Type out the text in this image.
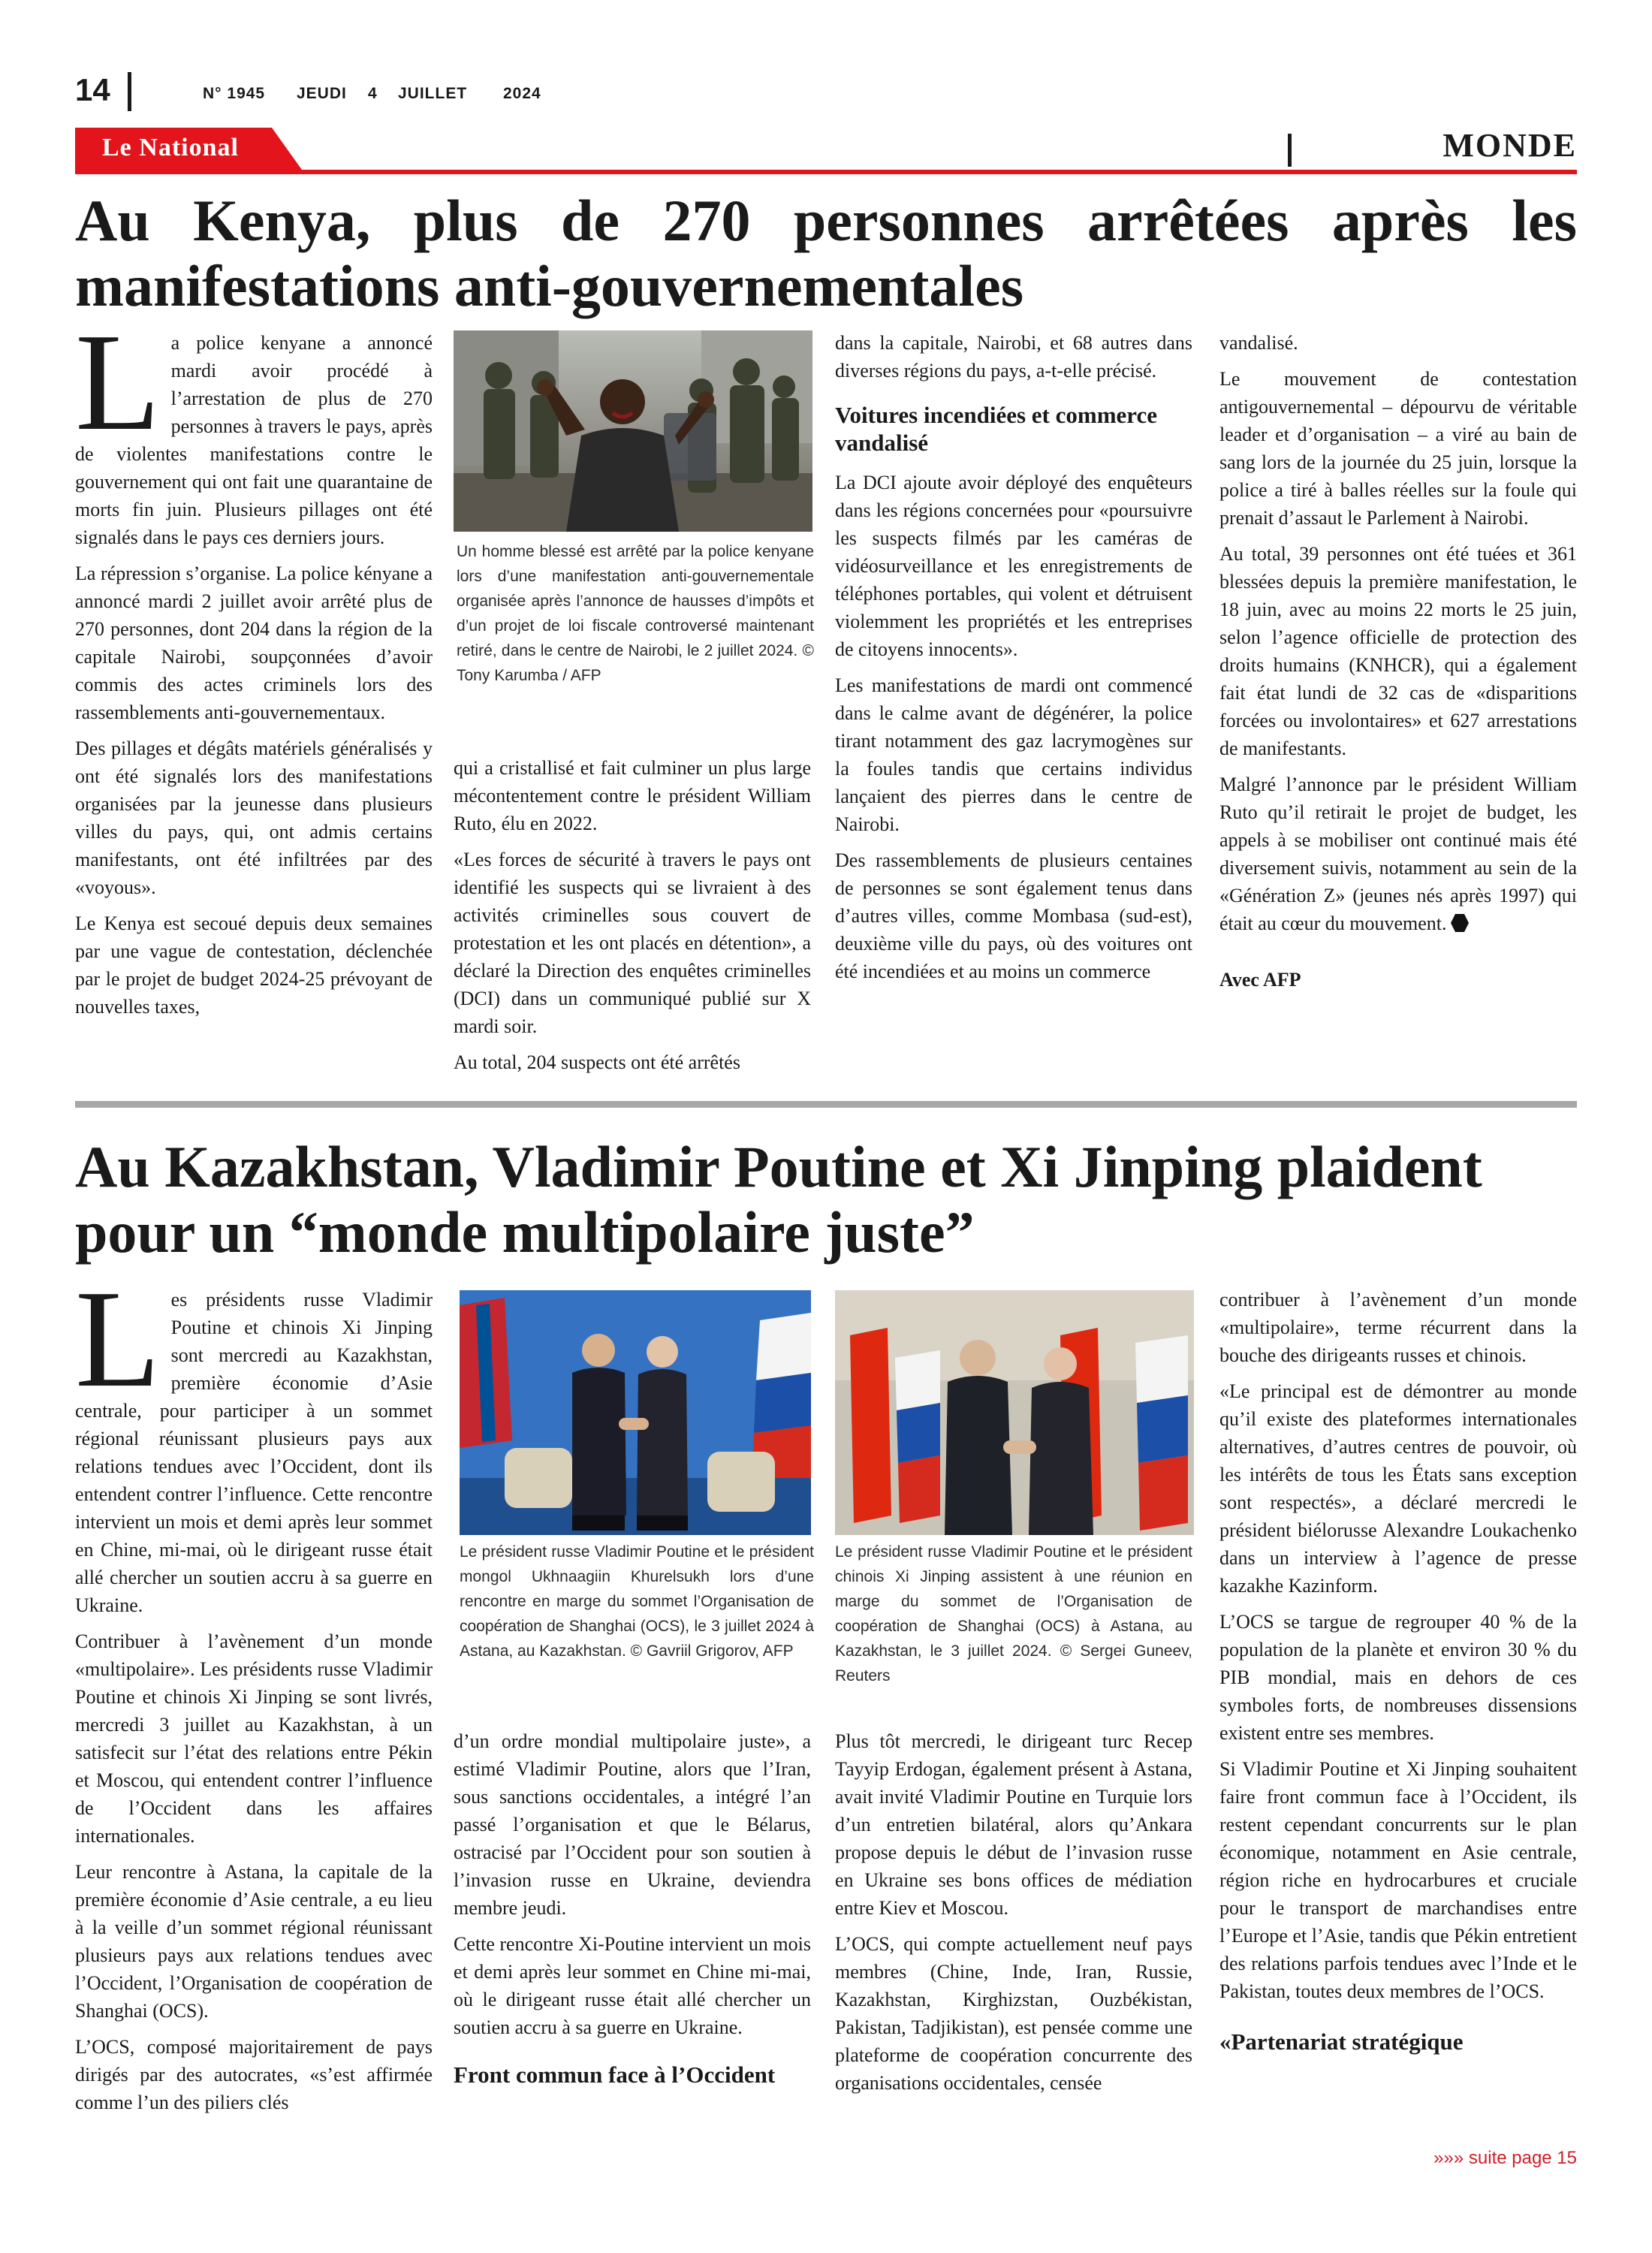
14	N° 1945 JEUDI 4 JUILLET 2024
Le National	MONDE
Au Kenya, plus de 270 personnes arrêtées après les manifestations anti-gouvernementales

La police kenyane a annoncé mardi avoir procédé à l’arrestation de plus de 270 personnes à travers le pays, après de violentes manifestations contre le gouvernement qui ont fait une quarantaine de morts fin juin. Plusieurs pillages ont été signalés dans le pays ces derniers jours.

La répression s’organise. La police kényane a annoncé mardi 2 juillet avoir arrêté plus de 270 personnes, dont 204 dans la région de la capitale Nairobi, soupçonnées d’avoir commis des actes criminels lors des rassemblements anti-gouvernementaux.

Des pillages et dégâts matériels généralisés y ont été signalés lors des manifestations organisées par la jeunesse dans plusieurs villes du pays, qui, ont admis certains manifestants, ont été infiltrées par des «voyous».

Le Kenya est secoué depuis deux semaines par une vague de contestation, déclenchée par le projet de budget 2024-25 prévoyant de nouvelles taxes,

Un homme blessé est arrêté par la police kenyane lors d’une manifestation anti-gouvernementale organisée après l’annonce de hausses d’impôts et d’un projet de loi fiscale controversé maintenant retiré, dans le centre de Nairobi, le 2 juillet 2024. © Tony Karumba / AFP

qui a cristallisé et fait culminer un plus large mécontentement contre le président William Ruto, élu en 2022.

«Les forces de sécurité à travers le pays ont identifié les suspects qui se livraient à des activités criminelles sous couvert de protestation et les ont placés en détention», a déclaré la Direction des enquêtes criminelles (DCI) dans un communiqué publié sur X mardi soir.

Au total, 204 suspects ont été arrêtés

dans la capitale, Nairobi, et 68 autres dans diverses régions du pays, a-t-elle précisé.

Voitures incendiées et commerce vandalisé

La DCI ajoute avoir déployé des enquêteurs dans les régions concernées pour «poursuivre les suspects filmés par les caméras de vidéosurveillance et les enregistrements de téléphones portables, qui volent et détruisent violemment les propriétés et les entreprises de citoyens innocents».

Les manifestations de mardi ont commencé dans le calme avant de dégénérer, la police tirant notamment des gaz lacrymogènes sur la foules tandis que certains individus lançaient des pierres dans le centre de Nairobi.

Des rassemblements de plusieurs centaines de personnes se sont également tenus dans d’autres villes, comme Mombasa (sud-est), deuxième ville du pays, où des voitures ont été incendiées et au moins un commerce

vandalisé.

Le mouvement de contestation antigouvernemental – dépourvu de véritable leader et d’organisation – a viré au bain de sang lors de la journée du 25 juin, lorsque la police a tiré à balles réelles sur la foule qui prenait d’assaut le Parlement à Nairobi.

Au total, 39 personnes ont été tuées et 361 blessées depuis la première manifestation, le 18 juin, avec au moins 22 morts le 25 juin, selon l’agence officielle de protection des droits humains (KNHCR), qui a également fait état lundi de 32 cas de «disparitions forcées ou involontaires» et 627 arrestations de manifestants.

Malgré l’annonce par le président William Ruto qu’il retirait le projet de budget, les appels à se mobiliser ont continué mais été diversement suivis, notamment au sein de la «Génération Z» (jeunes nés après 1997) qui était au cœur du mouvement.

Avec AFP

Au Kazakhstan, Vladimir Poutine et Xi Jinping plaident pour un “monde multipolaire juste”

Les présidents russe Vladimir Poutine et chinois Xi Jinping sont mercredi au Kazakhstan, première économie d’Asie centrale, pour participer à un sommet régional réunissant plusieurs pays aux relations tendues avec l’Occident, dont ils entendent contrer l’influence. Cette rencontre intervient un mois et demi après leur sommet en Chine, mi-mai, où le dirigeant russe était allé chercher un soutien accru à sa guerre en Ukraine.

Contribuer à l’avènement d’un monde «multipolaire». Les présidents russe Vladimir Poutine et chinois Xi Jinping se sont livrés, mercredi 3 juillet au Kazakhstan, à un satisfecit sur l’état des relations entre Pékin et Moscou, qui entendent contrer l’influence de l’Occident dans les affaires internationales.

Leur rencontre à Astana, la capitale de la première économie d’Asie centrale, a eu lieu à la veille d’un sommet régional réunissant plusieurs pays aux relations tendues avec l’Occident, l’Organisation de coopération de Shanghai (OCS).

L’OCS, composé majoritairement de pays dirigés par des autocrates, «s’est affirmée comme l’un des piliers clés

Le président russe Vladimir Poutine et le président mongol Ukhnaagiin Khurelsukh lors d’une rencontre en marge du sommet l’Organisation de coopération de Shanghai (OCS), le 3 juillet 2024 à Astana, au Kazakhstan. © Gavriil Grigorov, AFP

d’un ordre mondial multipolaire juste», a estimé Vladimir Poutine, alors que l’Iran, sous sanctions occidentales, a intégré l’an passé l’organisation et que le Bélarus, ostracisé par l’Occident pour son soutien à l’invasion russe en Ukraine, deviendra membre jeudi.

Cette rencontre Xi-Poutine intervient un mois et demi après leur sommet en Chine mi-mai, où le dirigeant russe était allé chercher un soutien accru à sa guerre en Ukraine.

Front commun face à l’Occident

Le président russe Vladimir Poutine et le président chinois Xi Jinping assistent à une réunion en marge du sommet de l’Organisation de coopération de Shanghai (OCS) à Astana, au Kazakhstan, le 3 juillet 2024. © Sergei Guneev, Reuters

Plus tôt mercredi, le dirigeant turc Recep Tayyip Erdogan, également présent à Astana, avait invité Vladimir Poutine en Turquie lors d’un entretien bilatéral, alors qu’Ankara propose depuis le début de l’invasion russe en Ukraine ses bons offices de médiation entre Kiev et Moscou.

L’OCS, qui compte actuellement neuf pays membres (Chine, Inde, Iran, Russie, Kazakhstan, Kirghizstan, Ouzbékistan, Pakistan, Tadjikistan), est pensée comme une plateforme de coopération concurrente des organisations occidentales, censée

contribuer à l’avènement d’un monde «multipolaire», terme récurrent dans la bouche des dirigeants russes et chinois.

«Le principal est de démontrer au monde qu’il existe des plateformes internationales alternatives, d’autres centres de pouvoir, où les intérêts de tous les États sans exception sont respectés», a déclaré mercredi le président biélorusse Alexandre Loukachenko dans un interview à l’agence de presse kazakhe Kazinform.

L’OCS se targue de regrouper 40 % de la population de la planète et environ 30 % du PIB mondial, mais en dehors de ces symboles forts, de nombreuses dissensions existent entre ses membres.

Si Vladimir Poutine et Xi Jinping souhaitent faire front commun face à l’Occident, ils restent cependant concurrents sur le plan économique, notamment en Asie centrale, région riche en hydrocarbures et cruciale pour le transport de marchandises entre l’Europe et l’Asie, tandis que Pékin entretient des relations parfois tendues avec l’Inde et le Pakistan, toutes deux membres de l’OCS.

«Partenariat stratégique

»»» suite page 15
